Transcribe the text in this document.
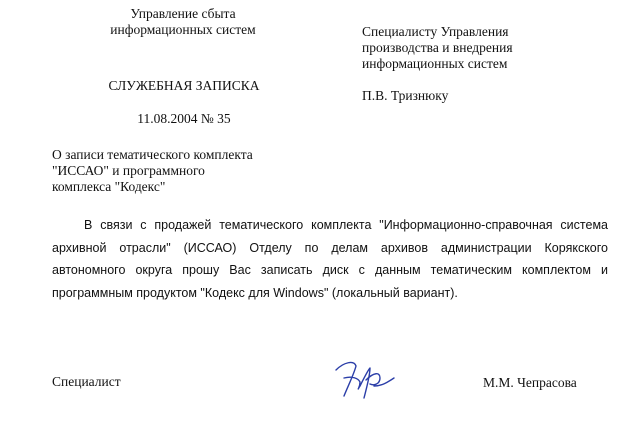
Управление сбыта
информационных систем
СЛУЖЕБНАЯ ЗАПИСКА
11.08.2004 № 35
Специалисту Управления
производства и внедрения
информационных систем
П.В. Тризнюку
О записи тематического комплекта
"ИССАО" и программного
комплекса "Кодекс"
В связи с продажей тематического комплекта "Информационно-справочная система архивной отрасли" (ИССАО) Отделу по делам архивов администрации Корякского автономного округа прошу Вас записать диск с данным тематическим комплектом и программным продуктом "Кодекс для Windows" (локальный вариант).
Специалист	М.М. Чепрасова
